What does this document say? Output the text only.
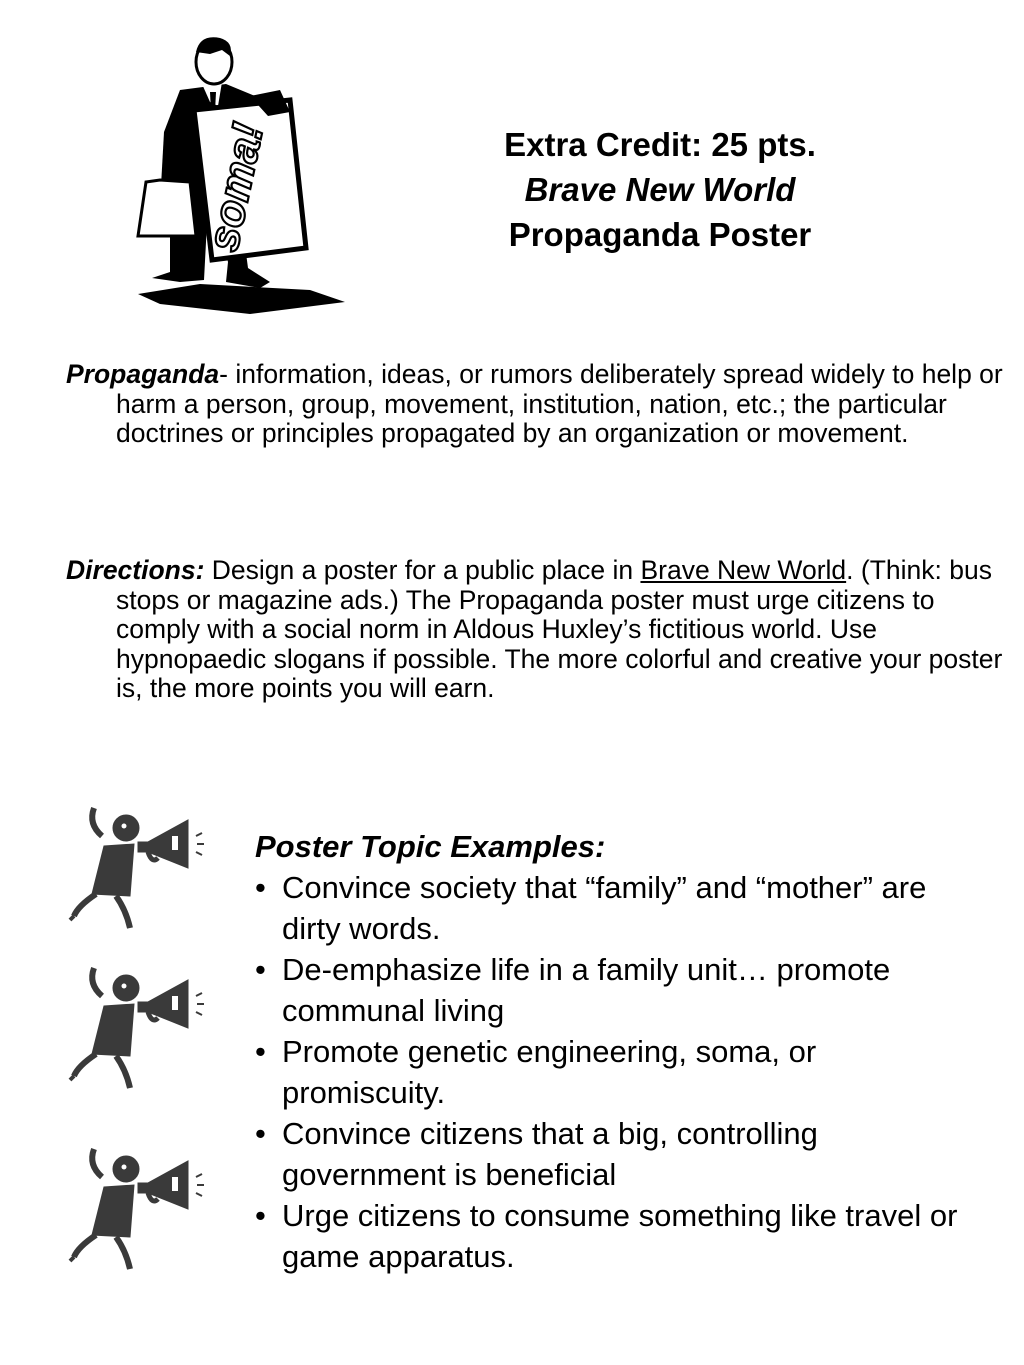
soma!	Extra Credit: 25 pts.
Brave New World
Propaganda Poster
Propaganda- information, ideas, or rumors deliberately spread widely to help or harm a person, group, movement, institution, nation, etc.; the particular doctrines or principles propagated by an organization or movement.
Directions: Design a poster for a public place in Brave New World. (Think: bus stops or magazine ads.) The Propaganda poster must urge citizens to comply with a social norm in Aldous Huxley’s fictitious world. Use hypnopaedic slogans if possible. The more colorful and creative your poster is, the more points you will earn.
Poster Topic Examples:
• Convince society that “family” and “mother” are dirty words.
• De-emphasize life in a family unit… promote communal living
• Promote genetic engineering, soma, or promiscuity.
• Convince citizens that a big, controlling government is beneficial
• Urge citizens to consume something like travel or game apparatus.
